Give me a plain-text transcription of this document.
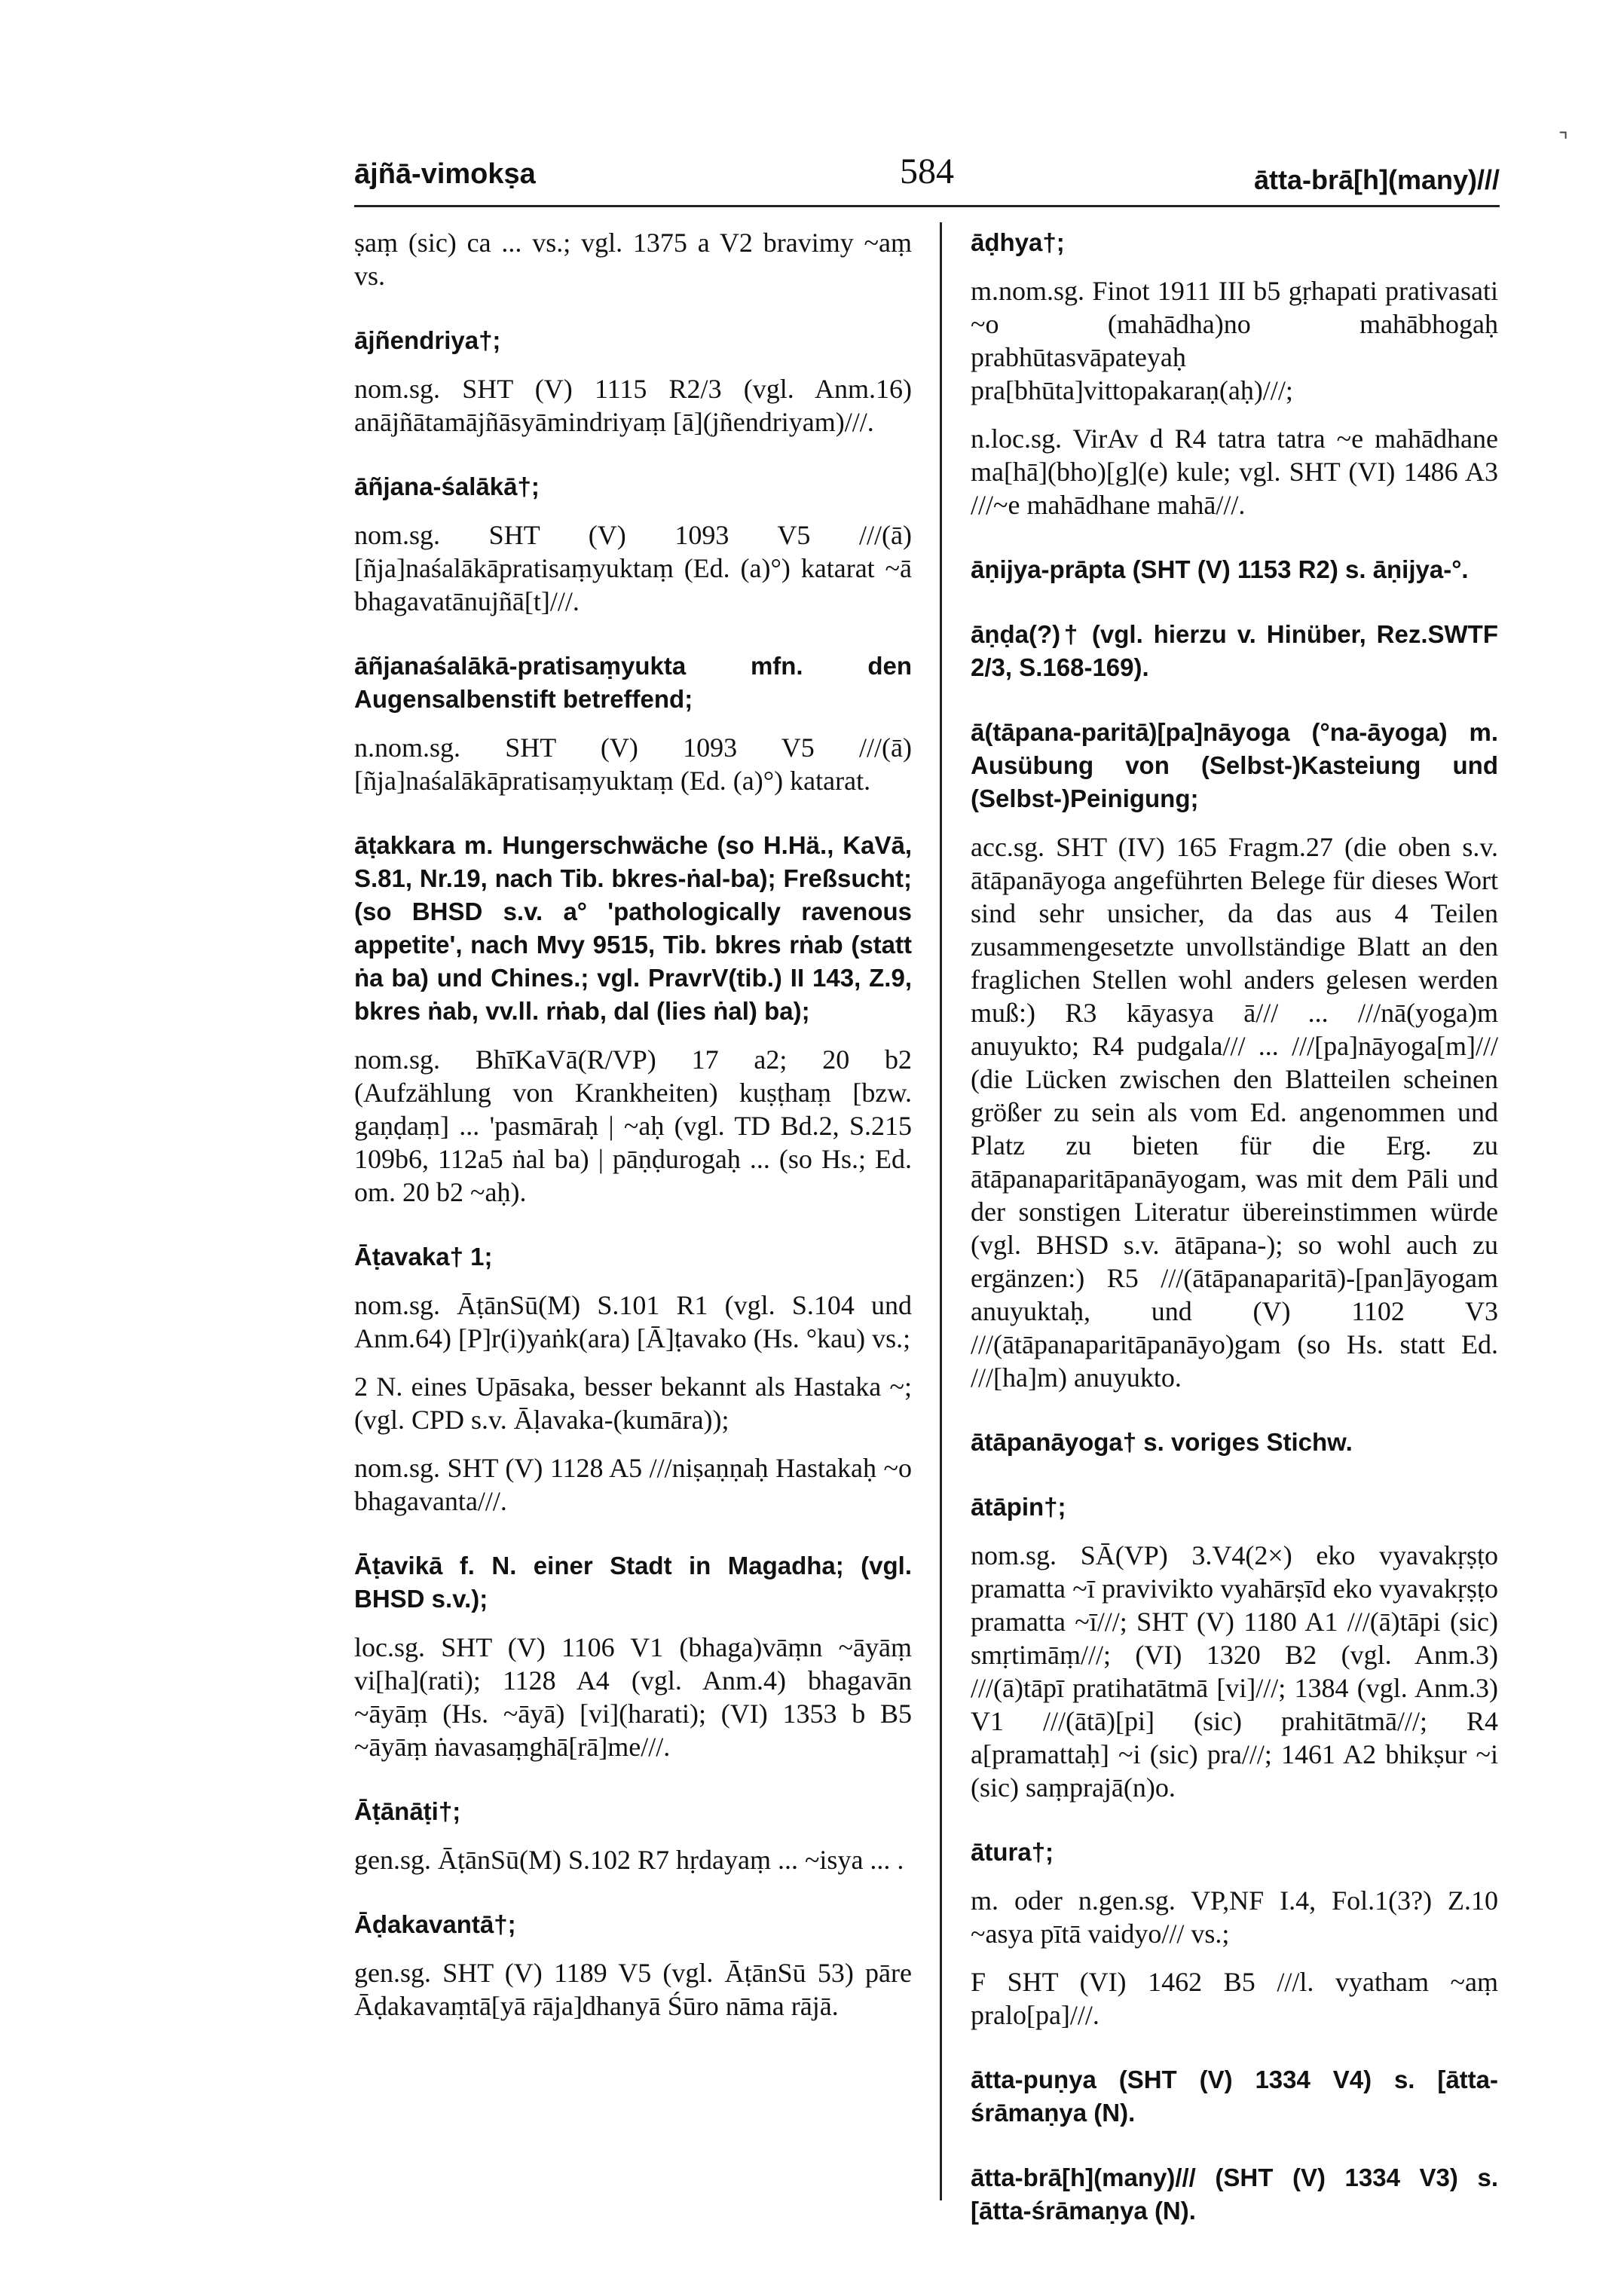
⌝
ājñā-vimokṣa	584	ātta-brā[h](many)///

ṣaṃ (sic) ca ... vs.; vgl. 1375 a V2 bravimy ~aṃ vs.

ājñendriya†;

nom.sg. SHT (V) 1115 R2/3 (vgl. Anm.16) anājñātamājñāsyāmindriyaṃ [ā](jñendriyam)///.

āñjana-śalākā†;

nom.sg. SHT (V) 1093 V5 ///(ā)[ñja]naśalākāpratisaṃyuktaṃ (Ed. (a)°) katarat ~ā bhagavatānujñā[t]///.

āñjanaśalākā-pratisaṃyukta mfn. den Augensalbenstift betreffend;

n.nom.sg. SHT (V) 1093 V5 ///(ā)[ñja]naśalākāpratisaṃyuktaṃ (Ed. (a)°) katarat.

āṭakkara m. Hungerschwäche (so H.Hä., KaVā, S.81, Nr.19, nach Tib. bkres-ṅal-ba); Freßsucht; (so BHSD s.v. a° 'pathologically ravenous appetite', nach Mvy 9515, Tib. bkres rṅab (statt ṅa ba) und Chines.; vgl. PravrV(tib.) II 143, Z.9, bkres ṅab, vv.ll. rṅab, dal (lies ṅal) ba);

nom.sg. BhīKaVā(R/VP) 17 a2; 20 b2 (Aufzählung von Krankheiten) kuṣṭhaṃ [bzw. gaṇḍaṃ] ... 'pasmāraḥ | ~aḥ (vgl. TD Bd.2, S.215 109b6, 112a5 ṅal ba) | pāṇḍurogaḥ ... (so Hs.; Ed. om. 20 b2 ~aḥ).

Āṭavaka† 1;

nom.sg. ĀṭānSū(M) S.101 R1 (vgl. S.104 und Anm.64) [P]r(i)yaṅk(ara) [Ā]ṭavako (Hs. °kau) vs.;

2 N. eines Upāsaka, besser bekannt als Hastaka ~; (vgl. CPD s.v. Āḷavaka-(kumāra));

nom.sg. SHT (V) 1128 A5 ///niṣaṇṇaḥ Hastakaḥ ~o bhagavanta///.

Āṭavikā f. N. einer Stadt in Magadha; (vgl. BHSD s.v.);

loc.sg. SHT (V) 1106 V1 (bhaga)vāṃn ~āyāṃ vi[ha](rati); 1128 A4 (vgl. Anm.4) bhagavān ~āyāṃ (Hs. ~āyā) [vi](harati); (VI) 1353 b B5 ~āyāṃ ṅavasaṃghā[rā]me///.

Āṭānāṭi†;

gen.sg. ĀṭānSū(M) S.102 R7 hṛdayaṃ ... ~isya ... .

Āḍakavantā†;

gen.sg. SHT (V) 1189 V5 (vgl. ĀṭānSū 53) pāre Āḍakavaṃtā[yā rāja]dhanyā Śūro nāma rājā.

āḍhya†;

m.nom.sg. Finot 1911 III b5 gṛhapati prativasati ~o (mahādha)no mahābhogaḥ prabhūtasvāpateyaḥ pra[bhūta]vittopakaraṇ(aḥ)///;

n.loc.sg. VirAv d R4 tatra tatra ~e mahādhane ma[hā](bho)[g](e) kule; vgl. SHT (VI) 1486 A3 ///~e mahādhane mahā///.

āṇijya-prāpta (SHT (V) 1153 R2) s. āṇijya-°.

āṇḍa(?)† (vgl. hierzu v. Hinüber, Rez.SWTF 2/3, S.168-169).

ā(tāpana-paritā)[pa]nāyoga (°na-āyoga) m. Ausübung von (Selbst-)Kasteiung und (Selbst-)Peinigung;

acc.sg. SHT (IV) 165 Fragm.27 (die oben s.v. ātāpanāyoga angeführten Belege für dieses Wort sind sehr unsicher, da das aus 4 Teilen zusammengesetzte unvollständige Blatt an den fraglichen Stellen wohl anders gelesen werden muß:) R3 kāyasya ā/// ... ///nā(yoga)m anuyukto; R4 pudgala/// ... ///[pa]nāyoga[m]/// (die Lücken zwischen den Blatteilen scheinen größer zu sein als vom Ed. angenommen und Platz zu bieten für die Erg. zu ātāpanaparitāpanāyogam, was mit dem Pāli und der sonstigen Literatur übereinstimmen würde (vgl. BHSD s.v. ātāpana-); so wohl auch zu ergänzen:) R5 ///(ātāpanaparitā)-[pan]āyogam anuyuktaḥ, und (V) 1102 V3 ///(ātāpanaparitāpanāyo)gam (so Hs. statt Ed. ///[ha]m) anuyukto.

ātāpanāyoga† s. voriges Stichw.

ātāpin†;

nom.sg. SĀ(VP) 3.V4(2×) eko vyavakṛṣṭo pramatta ~ī pravivikto vyahārṣīd eko vyavakṛṣṭo pramatta ~ī///; SHT (V) 1180 A1 ///(ā)tāpi (sic) smṛtimāṃ///; (VI) 1320 B2 (vgl. Anm.3) ///(ā)tāpī pratihatātmā [vi]///; 1384 (vgl. Anm.3) V1 ///(ātā)[pi] (sic) prahitātmā///; R4 a[pramattaḥ] ~i (sic) pra///; 1461 A2 bhikṣur ~i (sic) saṃprajā(n)o.

ātura†;

m. oder n.gen.sg. VP,NF I.4, Fol.1(3?) Z.10 ~asya pītā vaidyo/// vs.;

F SHT (VI) 1462 B5 ///l. vyatham ~aṃ pralo[pa]///.

ātta-puṇya (SHT (V) 1334 V4) s. [ātta-śrāmaṇya (N).

ātta-brā[h](many)/// (SHT (V) 1334 V3) s. [ātta-śrāmaṇya (N).
